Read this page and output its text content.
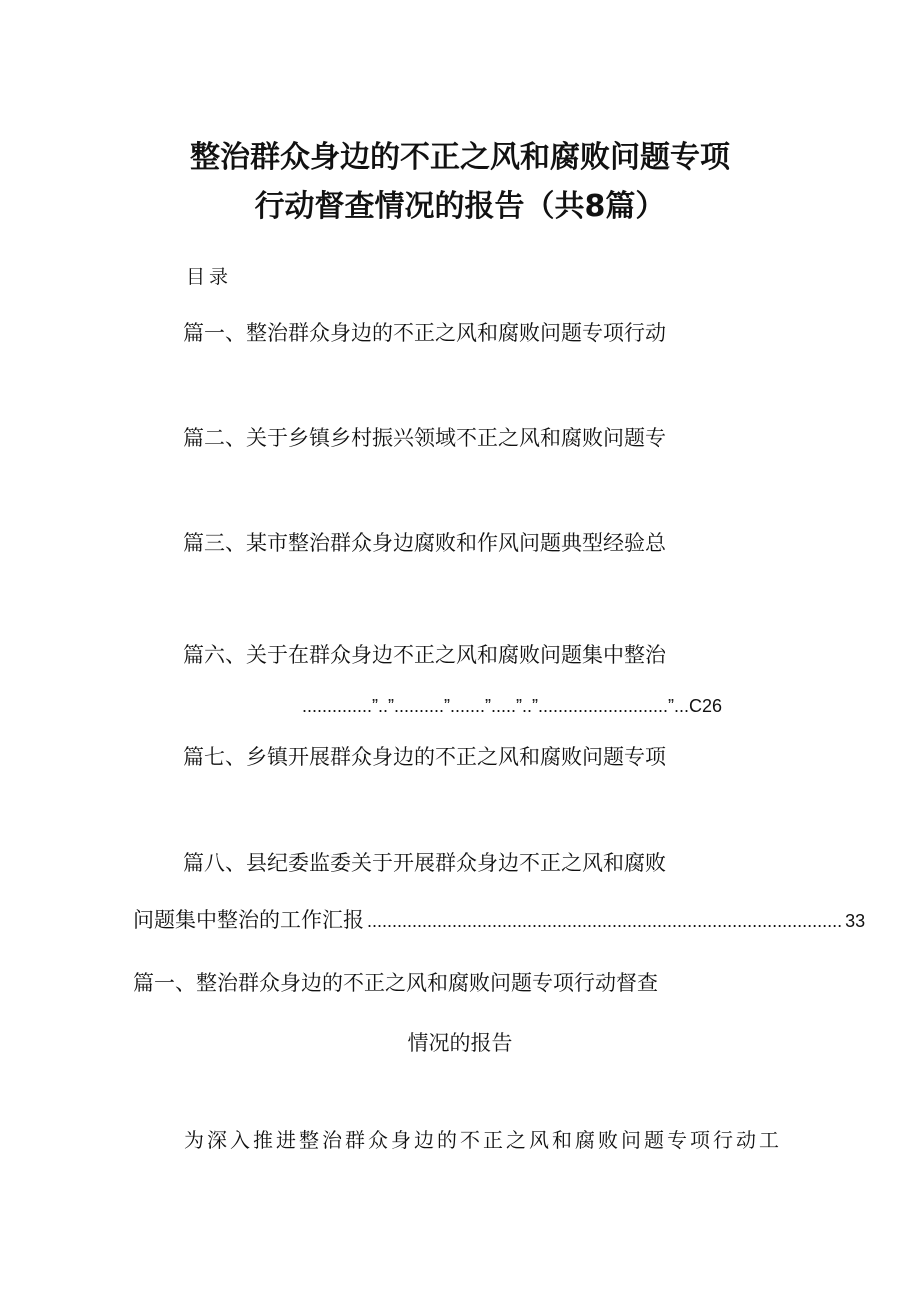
整治群众身边的不正之风和腐败问题专项
行动督查情况的报告（共8篇）
目录
篇一、整治群众身边的不正之风和腐败问题专项行动
篇二、关于乡镇乡村振兴领域不正之风和腐败问题专
篇三、某市整治群众身边腐败和作风问题典型经验总
篇六、关于在群众身边不正之风和腐败问题集中整治
..............”..”..........”.......”.....”..”..........................”...C26
篇七、乡镇开展群众身边的不正之风和腐败问题专项
篇八、县纪委监委关于开展群众身边不正之风和腐败
问题集中整治的工作汇报 ............................................................................................... 33
篇一、整治群众身边的不正之风和腐败问题专项行动督查
情况的报告
为深入推进整治群众身边的不正之风和腐败问题专项行动工
